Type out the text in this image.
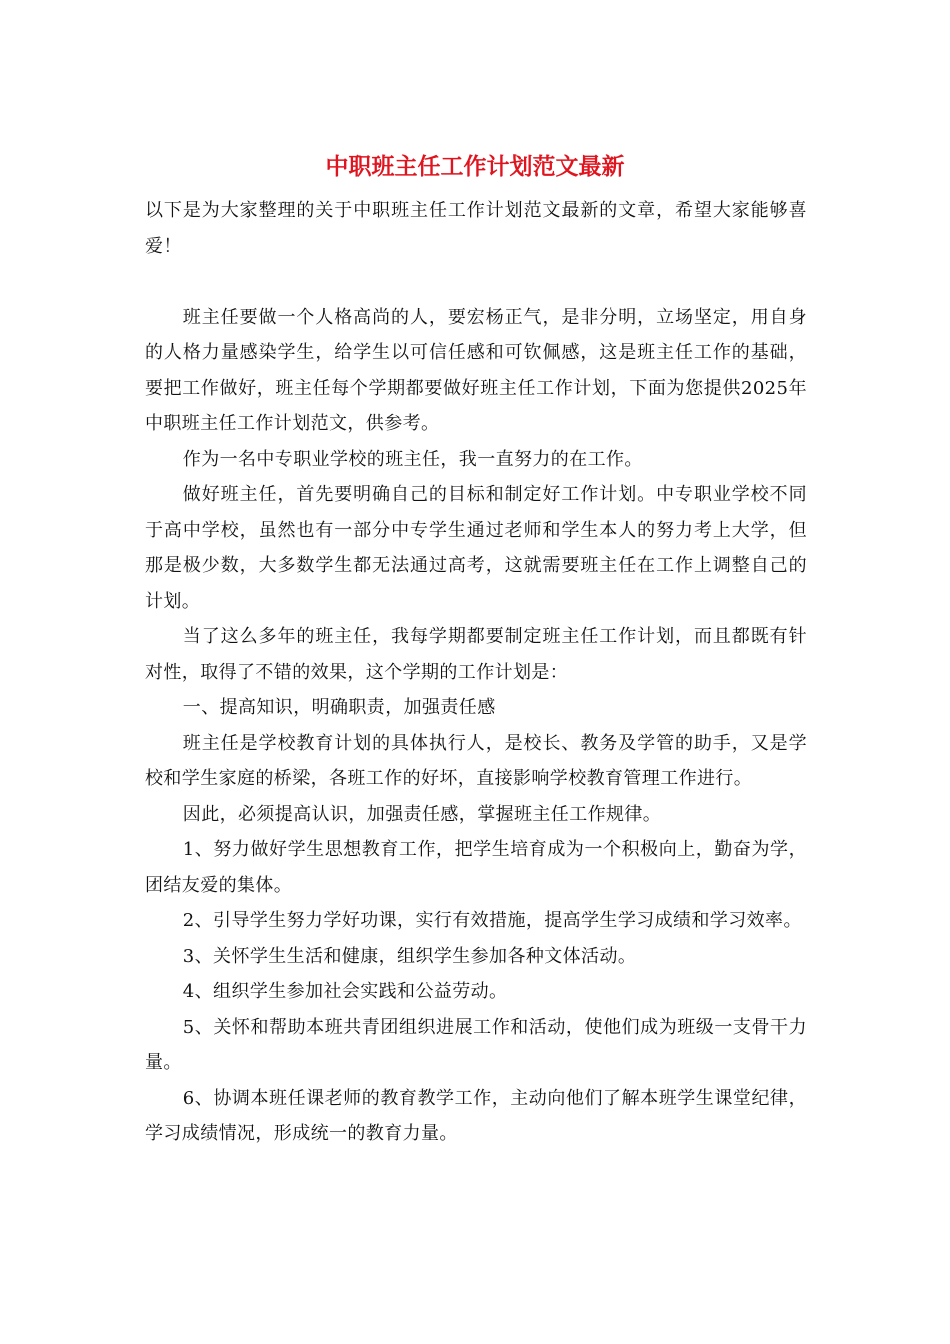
中职班主任工作计划范文最新

以下是为大家整理的关于中职班主任工作计划范文最新的文章，希望大家能够喜爱！

班主任要做一个人格高尚的人，要宏杨正气，是非分明，立场坚定，用自身的人格力量感染学生，给学生以可信任感和可钦佩感，这是班主任工作的基础，要把工作做好，班主任每个学期都要做好班主任工作计划，下面为您提供2025年中职班主任工作计划范文，供参考。

作为一名中专职业学校的班主任，我一直努力的在工作。

做好班主任，首先要明确自己的目标和制定好工作计划。中专职业学校不同于高中学校，虽然也有一部分中专学生通过老师和学生本人的努力考上大学，但那是极少数，大多数学生都无法通过高考，这就需要班主任在工作上调整自己的计划。

当了这么多年的班主任，我每学期都要制定班主任工作计划，而且都既有针对性，取得了不错的效果，这个学期的工作计划是：

一、提高知识，明确职责，加强责任感

班主任是学校教育计划的具体执行人，是校长、教务及学管的助手，又是学校和学生家庭的桥梁，各班工作的好坏，直接影响学校教育管理工作进行。

因此，必须提高认识，加强责任感，掌握班主任工作规律。

1、努力做好学生思想教育工作，把学生培育成为一个积极向上，勤奋为学，团结友爱的集体。

2、引导学生努力学好功课，实行有效措施，提高学生学习成绩和学习效率。

3、关怀学生生活和健康，组织学生参加各种文体活动。

4、组织学生参加社会实践和公益劳动。

5、关怀和帮助本班共青团组织进展工作和活动，使他们成为班级一支骨干力量。

6、协调本班任课老师的教育教学工作，主动向他们了解本班学生课堂纪律，学习成绩情况，形成统一的教育力量。
